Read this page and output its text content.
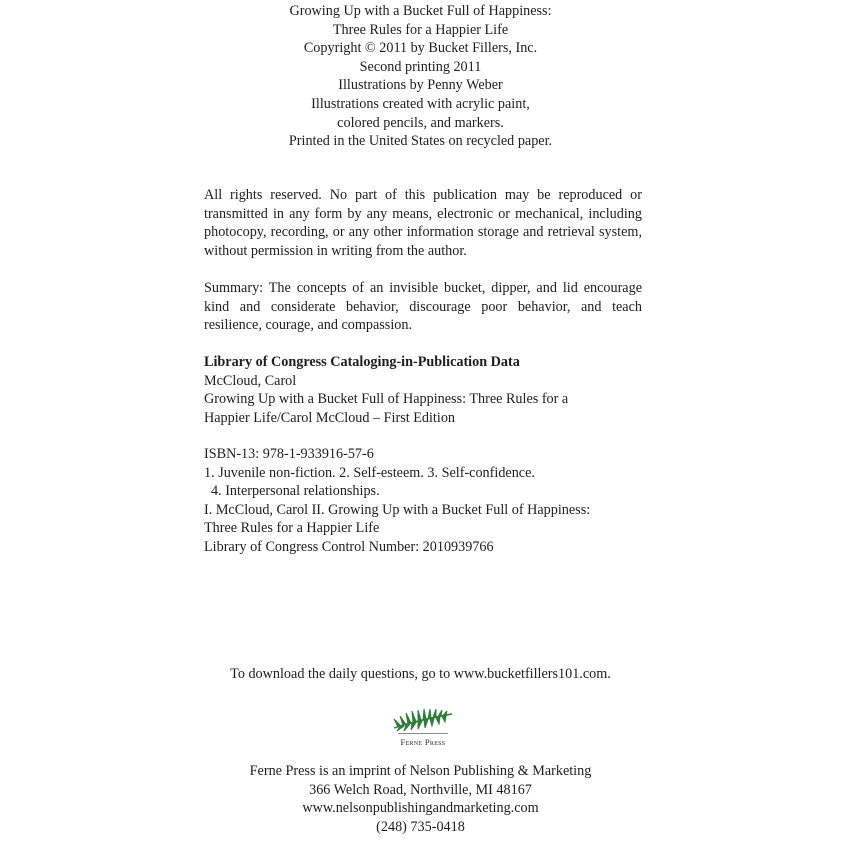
Growing Up with a Bucket Full of Happiness:
Three Rules for a Happier Life
Copyright © 2011 by Bucket Fillers, Inc.
Second printing 2011
Illustrations by Penny Weber
Illustrations created with acrylic paint,
colored pencils, and markers.
Printed in the United States on recycled paper.
All rights reserved. No part of this publication may be reproduced or transmitted in any form by any means, electronic or mechanical, including photocopy, recording, or any other information storage and retrieval system, without permission in writing from the author.
Summary: The concepts of an invisible bucket, dipper, and lid encourage kind and considerate behavior, discourage poor behavior, and teach resilience, courage, and compassion.
Library of Congress Cataloging-in-Publication Data
McCloud, Carol
Growing Up with a Bucket Full of Happiness: Three Rules for a
Happier Life/Carol McCloud – First Edition
ISBN-13: 978-1-933916-57-6
1. Juvenile non-fiction. 2. Self-esteem. 3. Self-confidence.
4. Interpersonal relationships.
I. McCloud, Carol II. Growing Up with a Bucket Full of Happiness:
Three Rules for a Happier Life
Library of Congress Control Number: 2010939766
To download the daily questions, go to www.bucketfillers101.com.
Ferne Press
Ferne Press is an imprint of Nelson Publishing & Marketing
366 Welch Road, Northville, MI 48167
www.nelsonpublishingandmarketing.com
(248) 735-0418
